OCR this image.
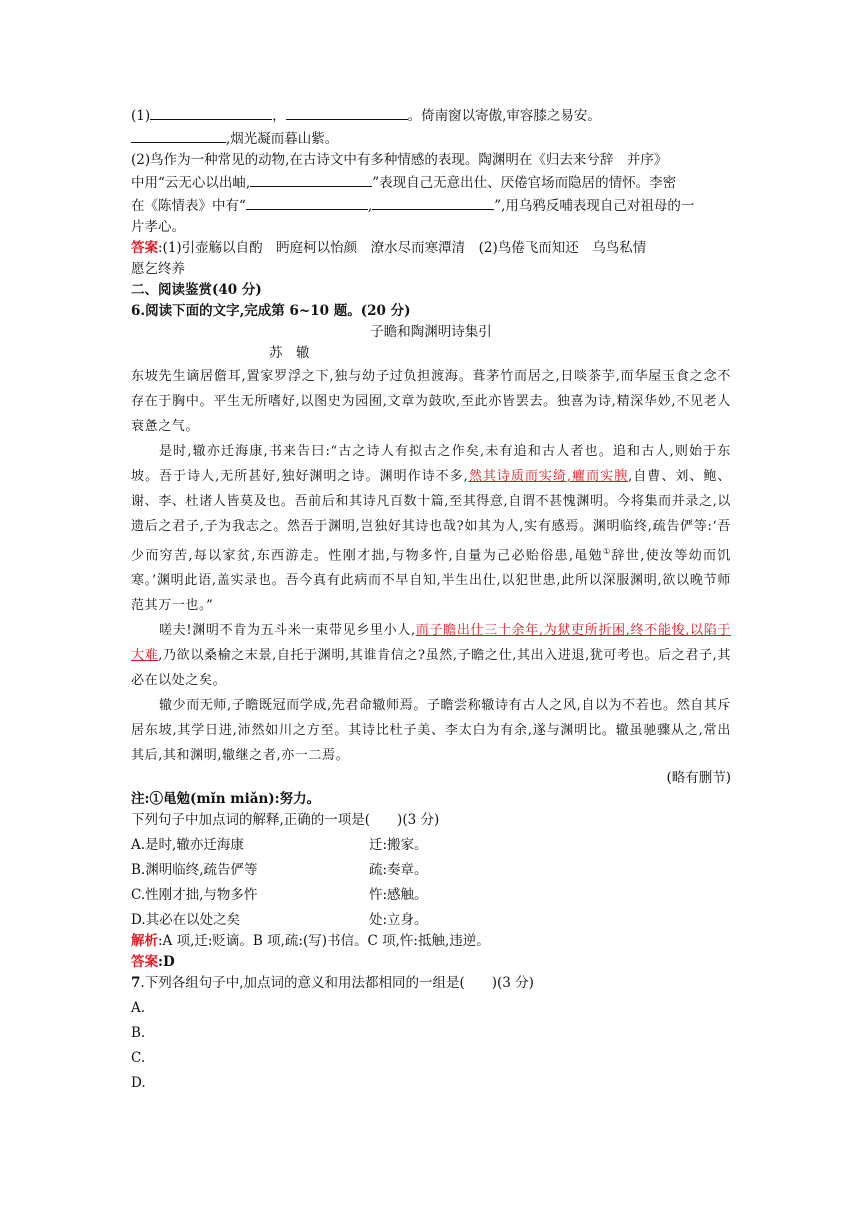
(1)	，	。倚南窗以寄傲,审容膝之易安。
,烟光凝而暮山紫。
(2)鸟作为一种常见的动物,在古诗文中有多种情感的表现。陶渊明在《归去来兮辞　并序》
中用“云无心以出岫,	”表现自己无意出仕、厌倦官场而隐居的情怀。李密
在《陈情表》中有“	,	”,用乌鸦反哺表现自己对祖母的一
片孝心。
答案:(1)引壶觞以自酌　眄庭柯以怡颜　潦水尽而寒潭清　(2)鸟倦飞而知还　乌鸟私情
愿乞终养
二、阅读鉴赏(40 分)
6.阅读下面的文字,完成第 6~10 题。(20 分)
子瞻和陶渊明诗集引
苏　辙
东坡先生谪居儋耳,置家罗浮之下,独与幼子过负担渡海。葺茅竹而居之,日啖茶芋,而华屋玉食之念不存在于胸中。平生无所嗜好,以图史为园囿,文章为鼓吹,至此亦皆罢去。独喜为诗,精深华妙,不见老人衰惫之气。
是时,辙亦迁海康,书来告曰:“古之诗人有拟古之作矣,未有追和古人者也。追和古人,则始于东坡。吾于诗人,无所甚好,独好渊明之诗。渊明作诗不多,然其诗质而实绮,癯而实腴,自曹、刘、鲍、谢、李、杜诸人皆莫及也。吾前后和其诗凡百数十篇,至其得意,自谓不甚愧渊明。今将集而并录之,以遗后之君子,子为我志之。然吾于渊明,岂独好其诗也哉?如其为人,实有感焉。渊明临终,疏告俨等:‘吾少而穷苦,每以家贫,东西游走。性刚才拙,与物多忤,自量为己必贻俗患,黾勉①辞世,使汝等幼而饥寒。’渊明此语,盖实录也。吾今真有此病而不早自知,半生出仕,以犯世患,此所以深服渊明,欲以晚节师范其万一也。”
嗟夫!渊明不肯为五斗米一束带见乡里小人,而子瞻出仕三十余年,为狱吏所折困,终不能悛,以陷于大难,乃欲以桑榆之末景,自托于渊明,其谁肯信之?虽然,子瞻之仕,其出入进退,犹可考也。后之君子,其必在以处之矣。
辙少而无师,子瞻既冠而学成,先君命辙师焉。子瞻尝称辙诗有古人之风,自以为不若也。然自其斥居东坡,其学日进,沛然如川之方至。其诗比杜子美、李太白为有余,遂与渊明比。辙虽驰骤从之,常出其后,其和渊明,辙继之者,亦一二焉。
(略有删节)
注:①黾勉(mǐn miǎn):努力。
下列句子中加点词的解释,正确的一项是(　　)(3 分)
A.是时,辙亦迁海康	迁:搬家。
B.渊明临终,疏告俨等	疏:奏章。
C.性刚才拙,与物多忤	忤:感触。
D.其必在以处之矣	处:立身。
解析:A 项,迁:贬谪。B 项,疏:(写)书信。C 项,忤:抵触,违逆。
答案:D
7.下列各组句子中,加点词的意义和用法都相同的一组是(　　)(3 分)
A.
B.
C.
D.
